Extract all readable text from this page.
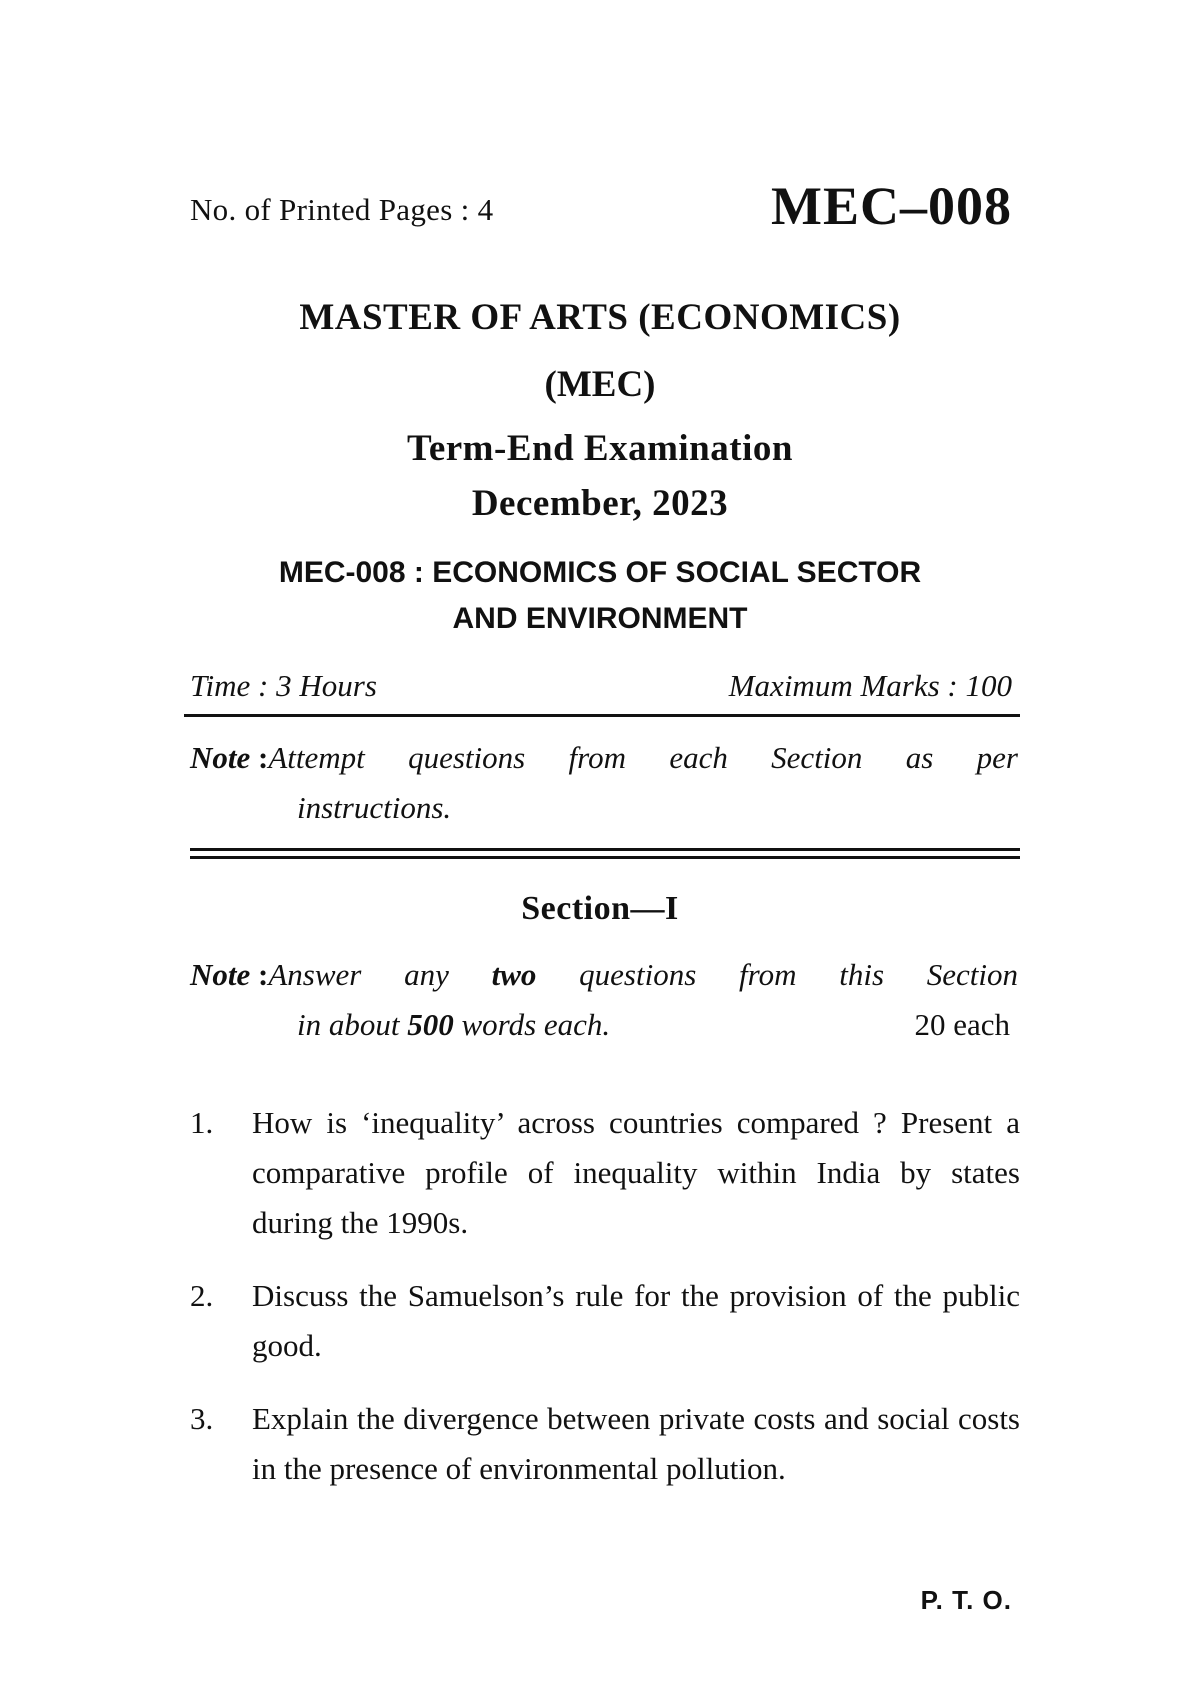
No. of Printed Pages : 4	MEC–008
MASTER OF ARTS (ECONOMICS)
(MEC)
Term-End Examination
December, 2023
MEC-008 : ECONOMICS OF SOCIAL SECTOR
AND ENVIRONMENT
Time : 3 Hours	Maximum Marks : 100
Note : Attempt questions from each Section as per
instructions.
Section—I
Note : Answer any two questions from this Section
in about 500 words each.	20 each
1.	How is ‘inequality’ across countries compared ? Present a comparative profile of inequality within India by states during the 1990s.
2.	Discuss the Samuelson’s rule for the provision of the public good.
3.	Explain the divergence between private costs and social costs in the presence of environmental pollution.
P. T. O.
